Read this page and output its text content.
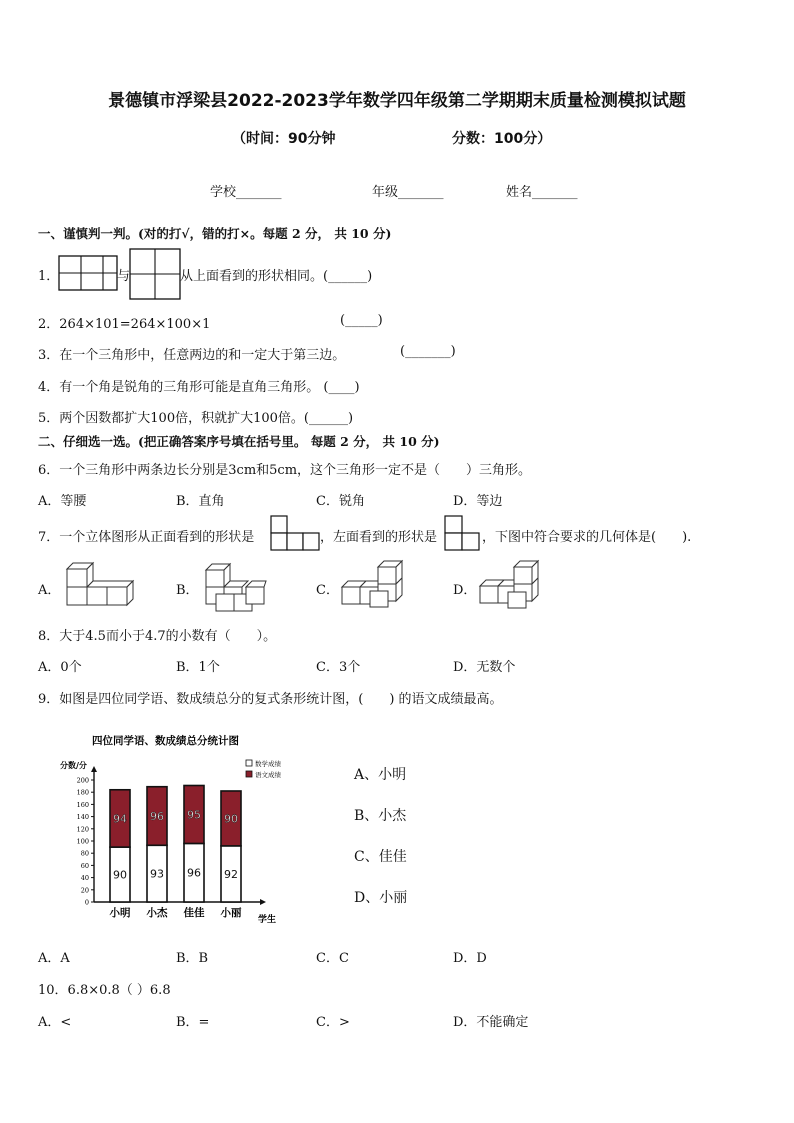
景德镇市浮梁县2022-2023学年数学四年级第二学期期末质量检测模拟试题
（时间：90分钟	分数：100分）
学校_______	年级_______	姓名_______
一、谨慎判一判。(对的打√，错的打×。每题 2 分， 共 10 分)
1．	与	从上面看到的形状相同。(______)
2．264×101=264×100×1	(_____)
3．在一个三角形中，任意两边的和一定大于第三边。	(_______)
4．有一个角是锐角的三角形可能是直角三角形。 (____)
5．两个因数都扩大100倍，积就扩大100倍。(______)
二、仔细选一选。(把正确答案序号填在括号里。 每题 2 分， 共 10 分)
6．一个三角形中两条边长分别是3cm和5cm，这个三角形一定不是（　　）三角形。
A．等腰	B．直角	C．锐角	D．等边
7．一个立体图形从正面看到的形状是	，左面看到的形状是	，下图中符合要求的几何体是(　　).
A．	B．	C．	D．
8．大于4.5而小于4.7的小数有（　　）。
A．0个	B．1个	C．3个	D．无数个
9．如图是四位同学语、数成绩总分的复式条形统计图，(　　) 的语文成绩最高。
四位同学语、数成绩总分统计图
分数/分
学生
200
180
160
140
120
100
80
60
40
20
0
90
94
小明
93
96
小杰
96
95
佳佳
92
90
小丽
数学成绩
语文成绩	A、小明
B、小杰
C、佳佳
D、小丽
A．A	B．B	C．C	D．D
10．6.8×0.8（ ）6.8
A．<	B．=	C．>	D．不能确定
